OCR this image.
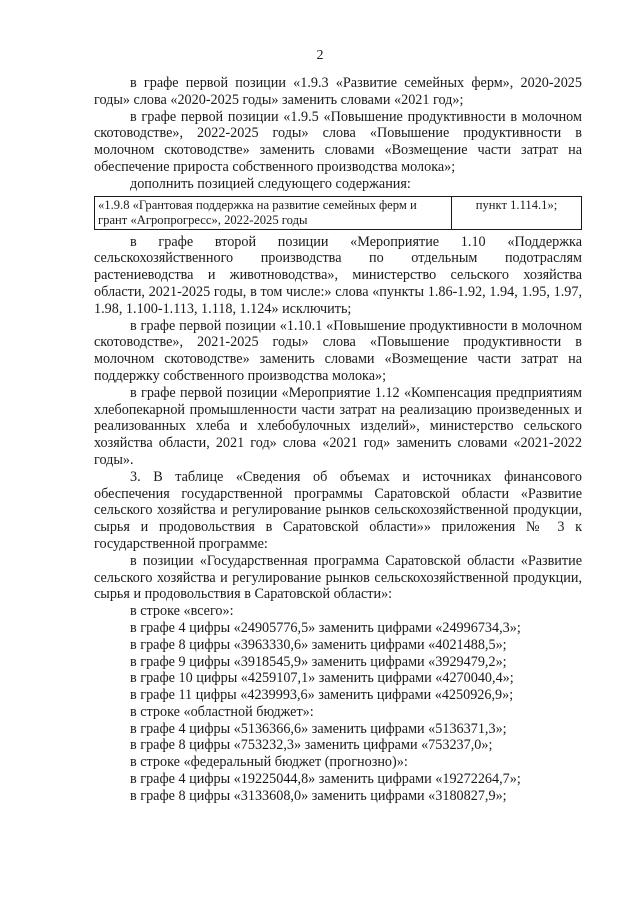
2

в графе первой позиции «1.9.3 «Развитие семейных ферм», 2020-2025 годы» слова «2020-2025 годы» заменить словами «2021 год»;

в графе первой позиции «1.9.5 «Повышение продуктивности в молочном скотоводстве», 2022-2025 годы» слова «Повышение продуктивности в молочном скотоводстве» заменить словами «Возмещение части затрат на обеспечение прироста собственного производства молока»;

дополнить позицией следующего содержания:

«1.9.8 «Грантовая поддержка на развитие семейных ферм и грант «Агропрогресс», 2022-2025 годы	пункт 1.114.1»;

в графе второй позиции «Мероприятие 1.10 «Поддержка сельскохозяйственного производства по отдельным подотраслям растениеводства и животноводства», министерство сельского хозяйства области, 2021-2025 годы, в том числе:» слова «пункты 1.86-1.92, 1.94, 1.95, 1.97, 1.98, 1.100-1.113, 1.118, 1.124» исключить;

в графе первой позиции «1.10.1 «Повышение продуктивности в молочном скотоводстве», 2021-2025 годы» слова «Повышение продуктивности в молочном скотоводстве» заменить словами «Возмещение части затрат на поддержку собственного производства молока»;

в графе первой позиции «Мероприятие 1.12 «Компенсация предприятиям хлебопекарной промышленности части затрат на реализацию произведенных и реализованных хлеба и хлебобулочных изделий», министерство сельского хозяйства области, 2021 год» слова «2021 год» заменить словами «2021-2022 годы».

3. В таблице «Сведения об объемах и источниках финансового обеспечения государственной программы Саратовской области «Развитие сельского хозяйства и регулирование рынков сельскохозяйственной продукции, сырья и продовольствия в Саратовской области»» приложения № 3 к государственной программе:

в позиции «Государственная программа Саратовской области «Развитие сельского хозяйства и регулирование рынков сельскохозяйственной продукции, сырья и продовольствия в Саратовской области»:

в строке «всего»:

в графе 4 цифры «24905776,5» заменить цифрами «24996734,3»;

в графе 8 цифры «3963330,6» заменить цифрами «4021488,5»;

в графе 9 цифры «3918545,9» заменить цифрами «3929479,2»;

в графе 10 цифры «4259107,1» заменить цифрами «4270040,4»;

в графе 11 цифры «4239993,6» заменить цифрами «4250926,9»;

в строке «областной бюджет»:

в графе 4 цифры «5136366,6» заменить цифрами «5136371,3»;

в графе 8 цифры «753232,3» заменить цифрами «753237,0»;

в строке «федеральный бюджет (прогнозно)»:

в графе 4 цифры «19225044,8» заменить цифрами «19272264,7»;

в графе 8 цифры «3133608,0» заменить цифрами «3180827,9»;
